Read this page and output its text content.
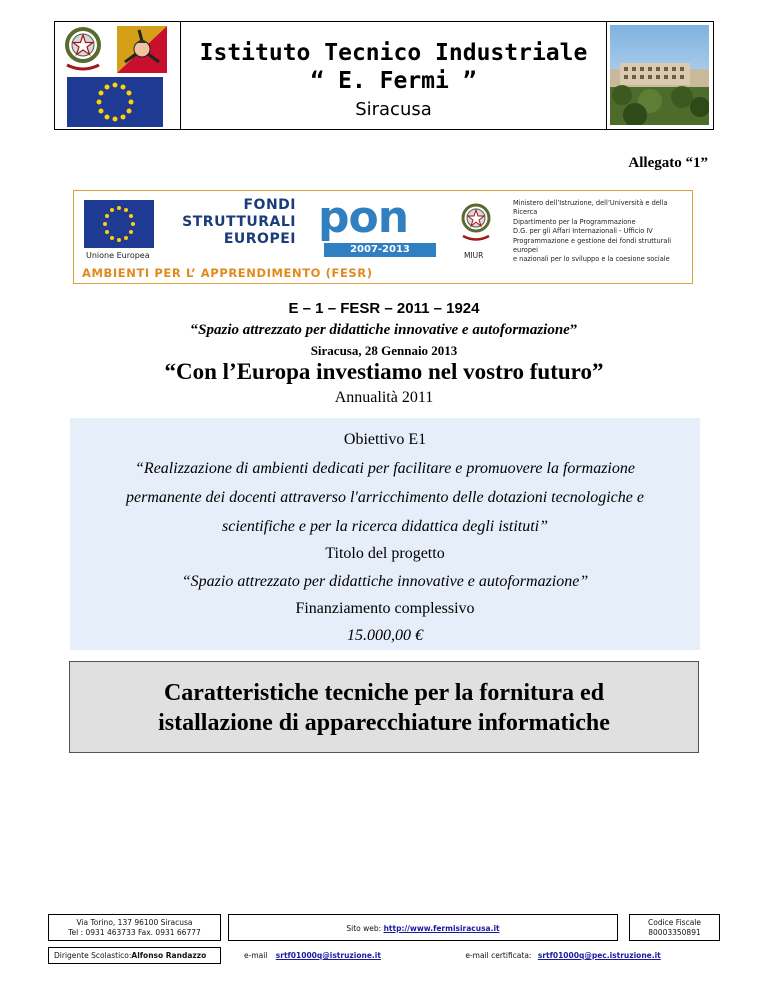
Istituto Tecnico Industriale
“ E. Fermi ”
Siracusa
Allegato “1”
Unione Europea
FONDI
STRUTTURALI
EUROPEI pon
2007-2013
MIUR
Ministero dell’Istruzione, dell’Università e della Ricerca
Dipartimento per la Programmazione
D.G. per gli Affari Internazionali - Ufficio IV
Programmazione e gestione dei fondi strutturali europei
e nazionali per lo sviluppo e la coesione sociale
AMBIENTI PER L’ APPRENDIMENTO (FESR)
E – 1 – FESR – 2011 – 1924
“Spazio attrezzato per didattiche innovative e autoformazione”
Siracusa, 28 Gennaio 2013
“Con l’Europa investiamo nel vostro futuro”
Annualità 2011
Obiettivo E1
“Realizzazione di ambienti dedicati per facilitare e promuovere la formazione
permanente dei docenti attraverso l'arricchimento delle dotazioni tecnologiche e
scientifiche e per la ricerca didattica degli istituti”
Titolo del progetto
“Spazio attrezzato per didattiche innovative e autoformazione”
Finanziamento complessivo
15.000,00 €
Caratteristiche tecniche per la fornitura ed
istallazione di apparecchiature informatiche
Via Torino, 137 96100 Siracusa
Tel : 0931 463733 Fax. 0931 66777
Dirigente Scolastico:Alfonso Randazzo
Sito web: http://www.fermisiracusa.it
Codice Fiscale
80003350891
e-mail srtf01000q@istruzione.it	e-mail certificata: srtf01000q@pec.istruzione.it
